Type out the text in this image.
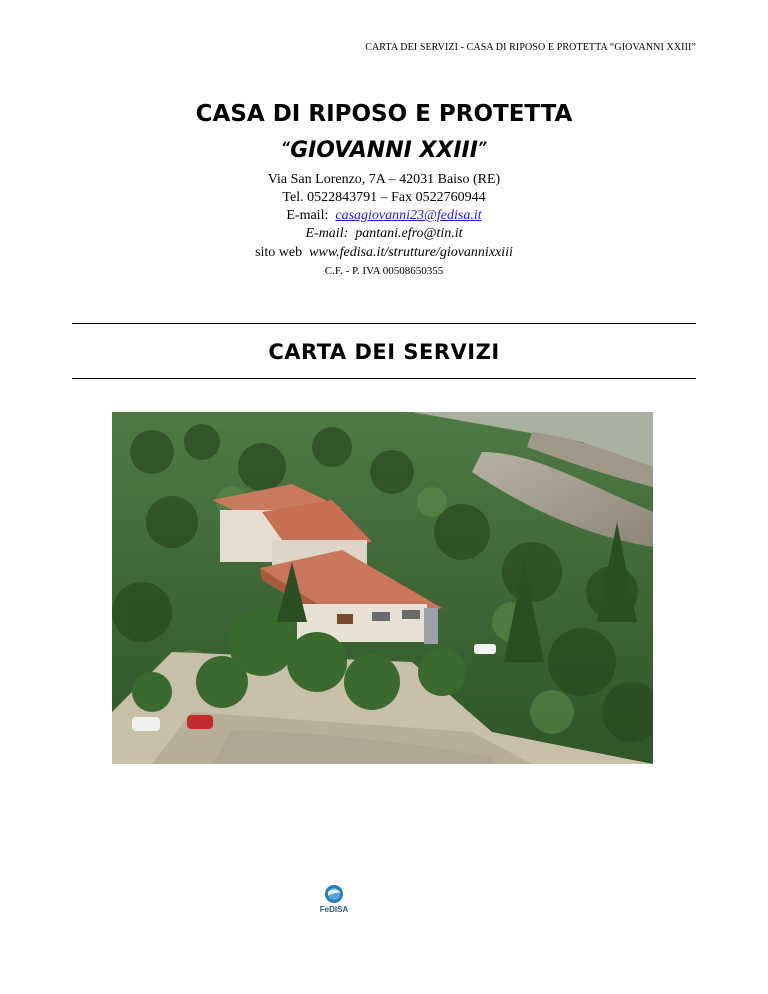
CARTA DEI SERVIZI - CASA DI RIPOSO E PROTETTA “GIOVANNI XXIII”
CASA DI RIPOSO E PROTETTA
“GIOVANNI XXIII”
Via San Lorenzo, 7A – 42031 Baiso (RE)
Tel. 0522843791 – Fax 0522760944
E-mail: casagiovanni23@fedisa.it
E-mail: pantani.efro@tin.it
sito web www.fedisa.it/strutture/giovannixxiii
C.F. - P. IVA 00508650355
CARTA DEI SERVIZI
FeDISA
